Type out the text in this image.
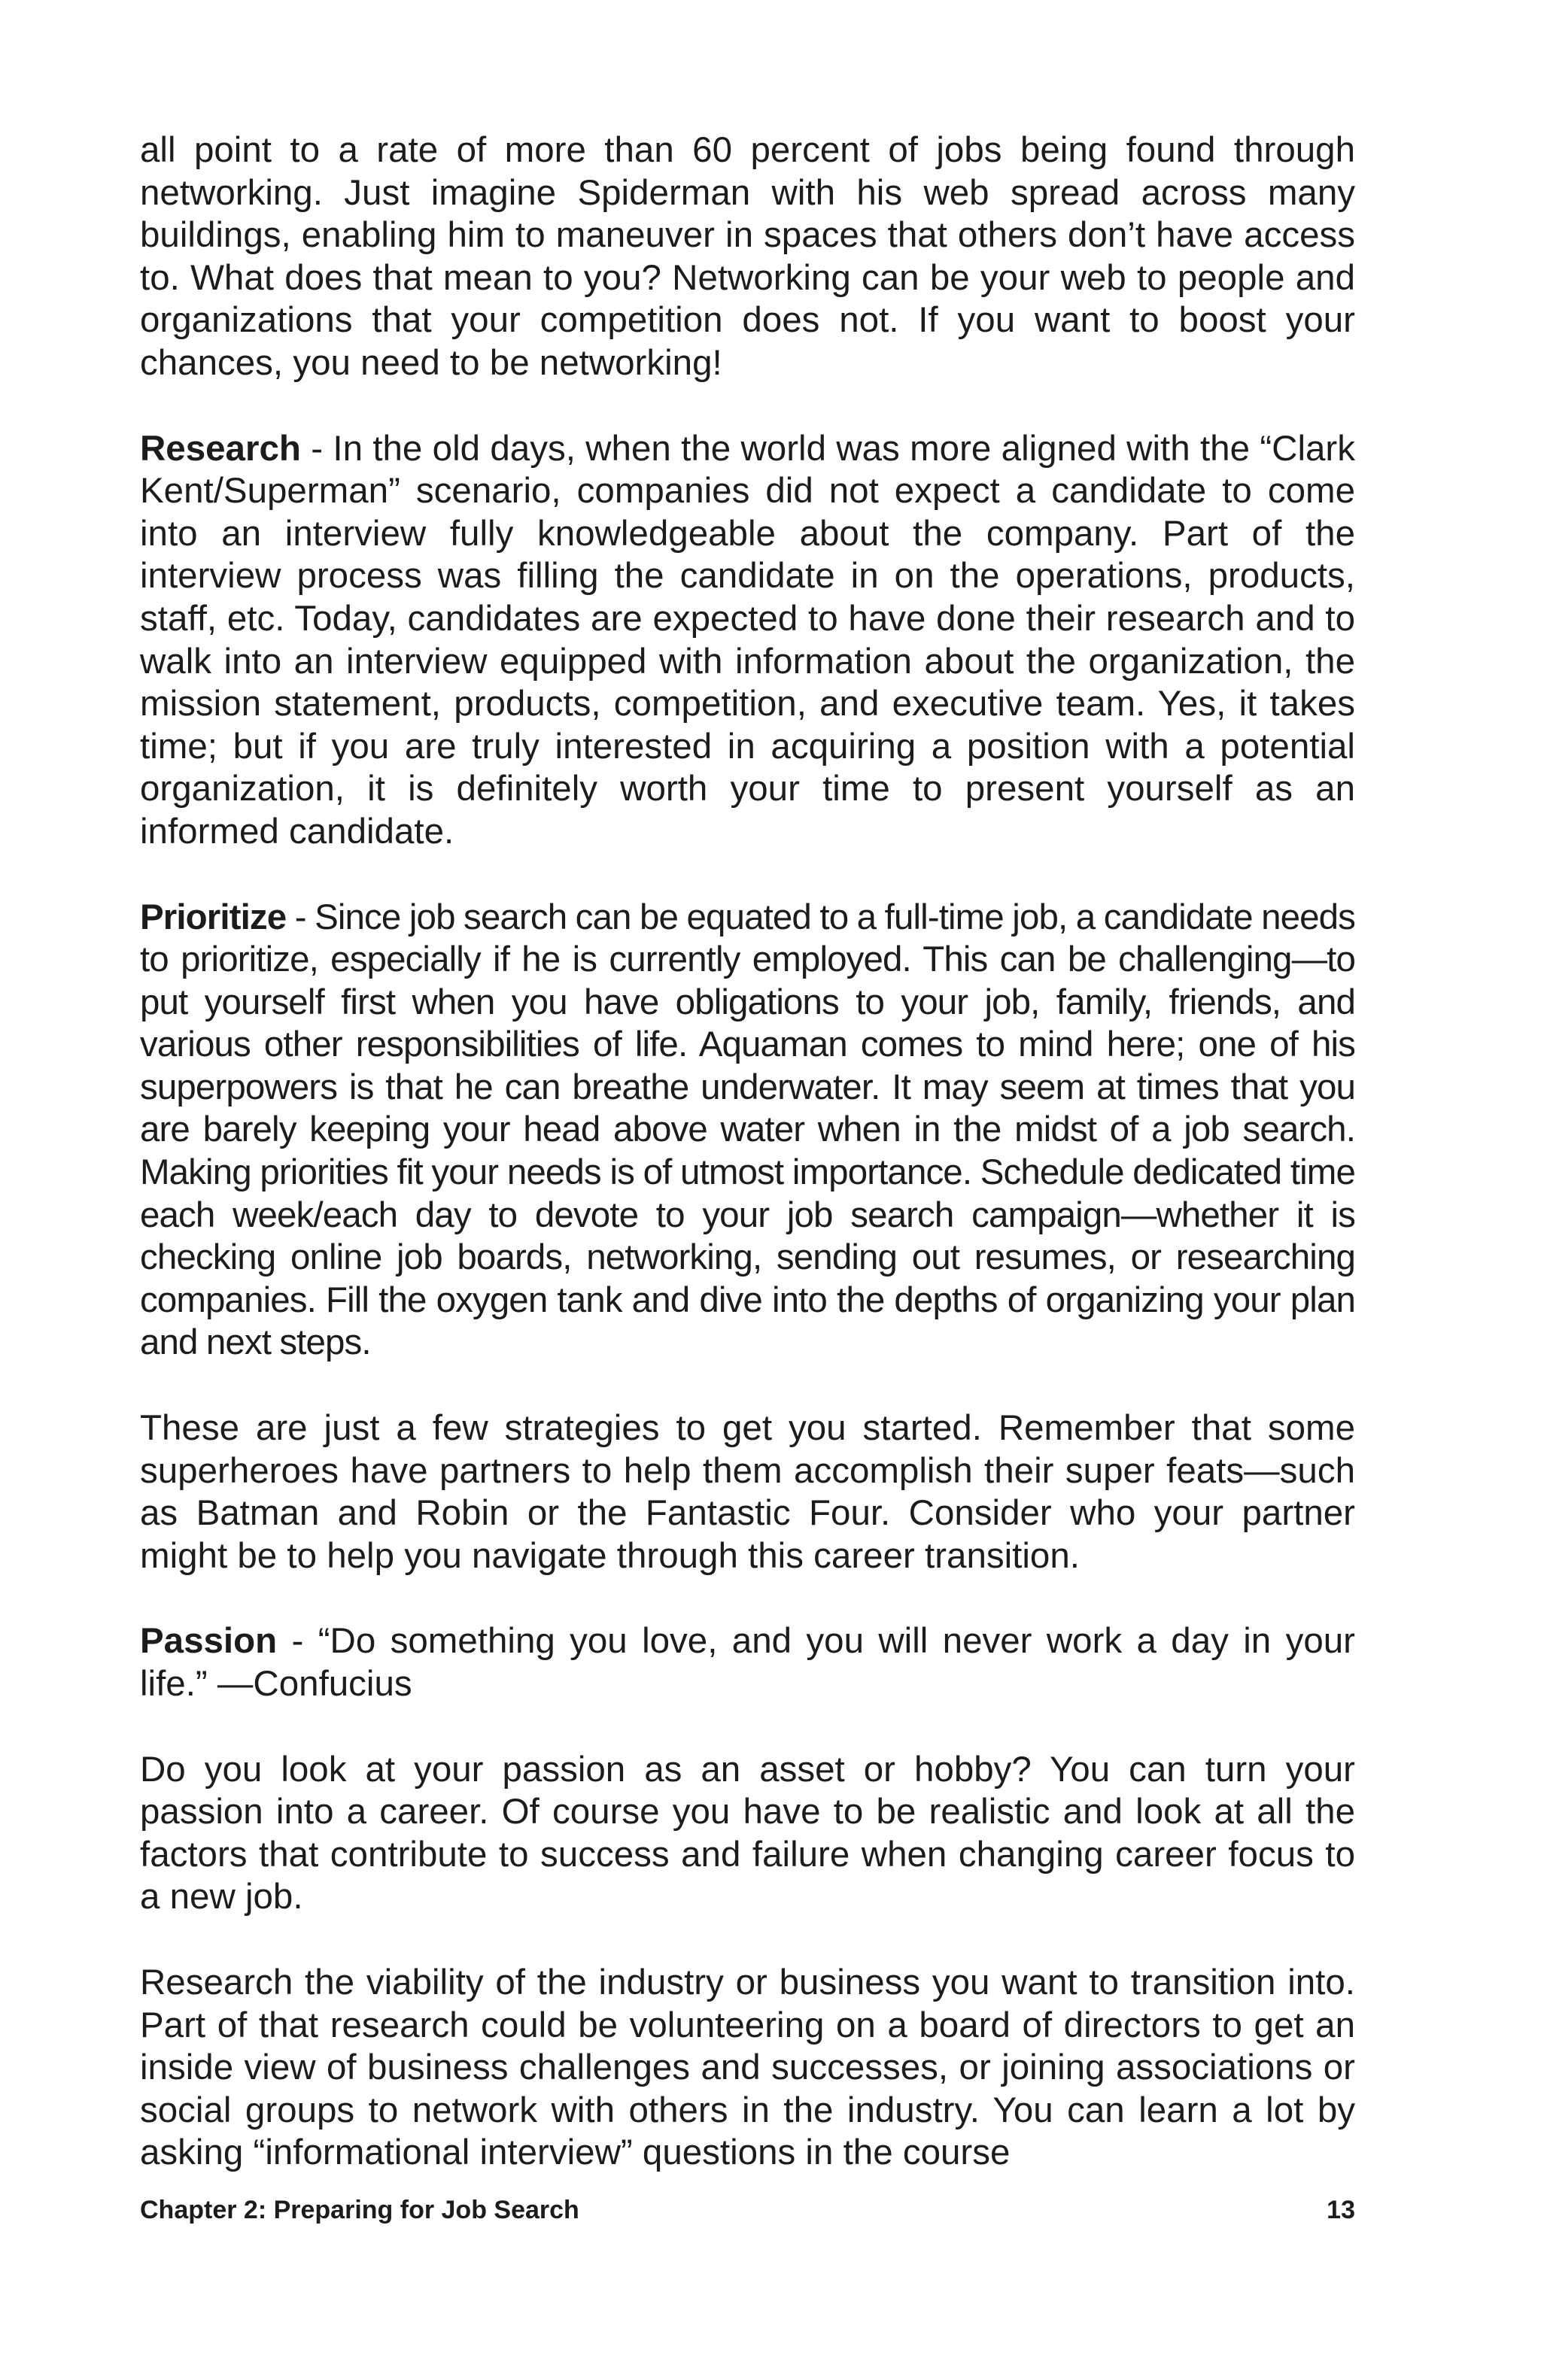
all point to a rate of more than 60 percent of jobs being found through networking. Just imagine Spiderman with his web spread across many buildings, enabling him to maneuver in spaces that others don’t have access to. What does that mean to you? Networking can be your web to people and organizations that your competition does not. If you want to boost your chances, you need to be networking!

Research - In the old days, when the world was more aligned with the “Clark Kent/Superman” scenario, companies did not expect a candidate to come into an interview fully knowledgeable about the company. Part of the interview process was filling the candidate in on the operations, products, staff, etc. Today, candidates are expected to have done their research and to walk into an interview equipped with information about the organization, the mission statement, products, competition, and executive team. Yes, it takes time; but if you are truly interested in acquiring a position with a potential organization, it is definitely worth your time to present yourself as an informed candidate.

Prioritize - Since job search can be equated to a full-time job, a candidate needs to prioritize, especially if he is currently employed. This can be challenging—to put yourself first when you have obligations to your job, family, friends, and various other responsibilities of life. Aquaman comes to mind here; one of his superpowers is that he can breathe underwater. It may seem at times that you are barely keeping your head above water when in the midst of a job search. Making priorities fit your needs is of utmost importance. Schedule dedicated time each week/each day to devote to your job search campaign—whether it is checking online job boards, networking, sending out resumes, or researching companies. Fill the oxygen tank and dive into the depths of organizing your plan and next steps.

These are just a few strategies to get you started. Remember that some superheroes have partners to help them accomplish their super feats—such as Batman and Robin or the Fantastic Four. Consider who your partner might be to help you navigate through this career transition.

Passion - “Do something you love, and you will never work a day in your life.” —Confucius

Do you look at your passion as an asset or hobby? You can turn your passion into a career. Of course you have to be realistic and look at all the factors that contribute to success and failure when changing career focus to a new job.

Research the viability of the industry or business you want to transition into. Part of that research could be volunteering on a board of directors to get an inside view of business challenges and successes, or joining associations or social groups to network with others in the industry. You can learn a lot by asking “informational interview” questions in the course

Chapter 2: Preparing for Job Search	13
